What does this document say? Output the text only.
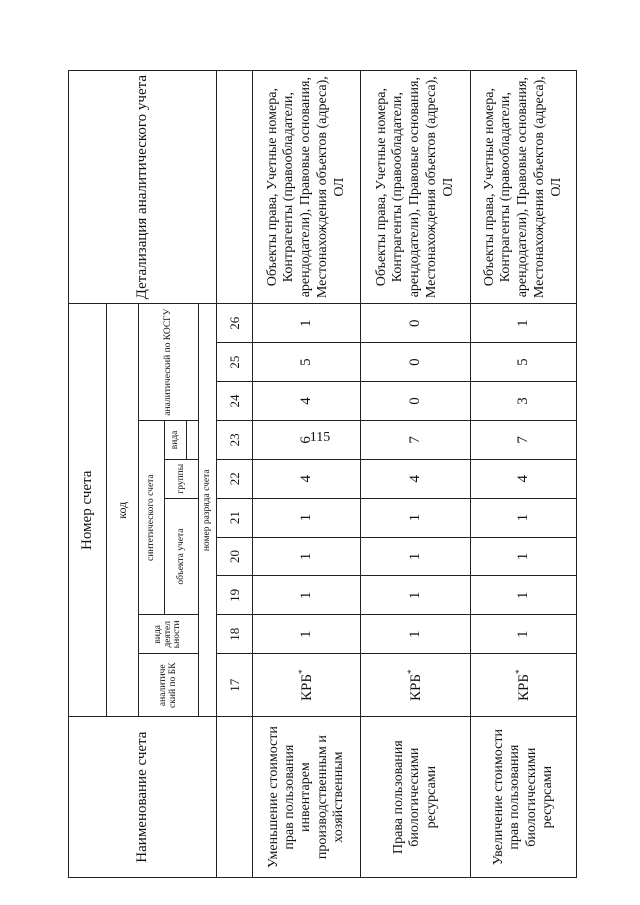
115
Наименование счета	Номер счета										Детализация аналитического учета
	код										
	аналитиче ский по БК	вида деятел ьности	синтетического счета					аналитический по КОСГУ			
			объекта учета			группы	вида				

	номер разряда счета										
	17	18	19	20	21	22	23	24	25	26	
Уменьшение стоимости прав пользования инвентарем производственным и хозяйственным	КРБ*	1	1	1	1	4	6	4	5	1	Объекты права, Учетные номера, Контрагенты (правообладатели, арендодатели), Правовые основания, Местонахождения объектов (адреса), ОЛ
Права пользования биологическими ресурсами	КРБ*	1	1	1	1	4	7	0	0	0	Объекты права, Учетные номера, Контрагенты (правообладатели, арендодатели), Правовые основания, Местонахождения объектов (адреса), ОЛ
Увеличение стоимости прав пользования биологическими ресурсами	КРБ*	1	1	1	1	4	7	3	5	1	Объекты права, Учетные номера, Контрагенты (правообладатели, арендодатели), Правовые основания, Местонахождения объектов (адреса), ОЛ
